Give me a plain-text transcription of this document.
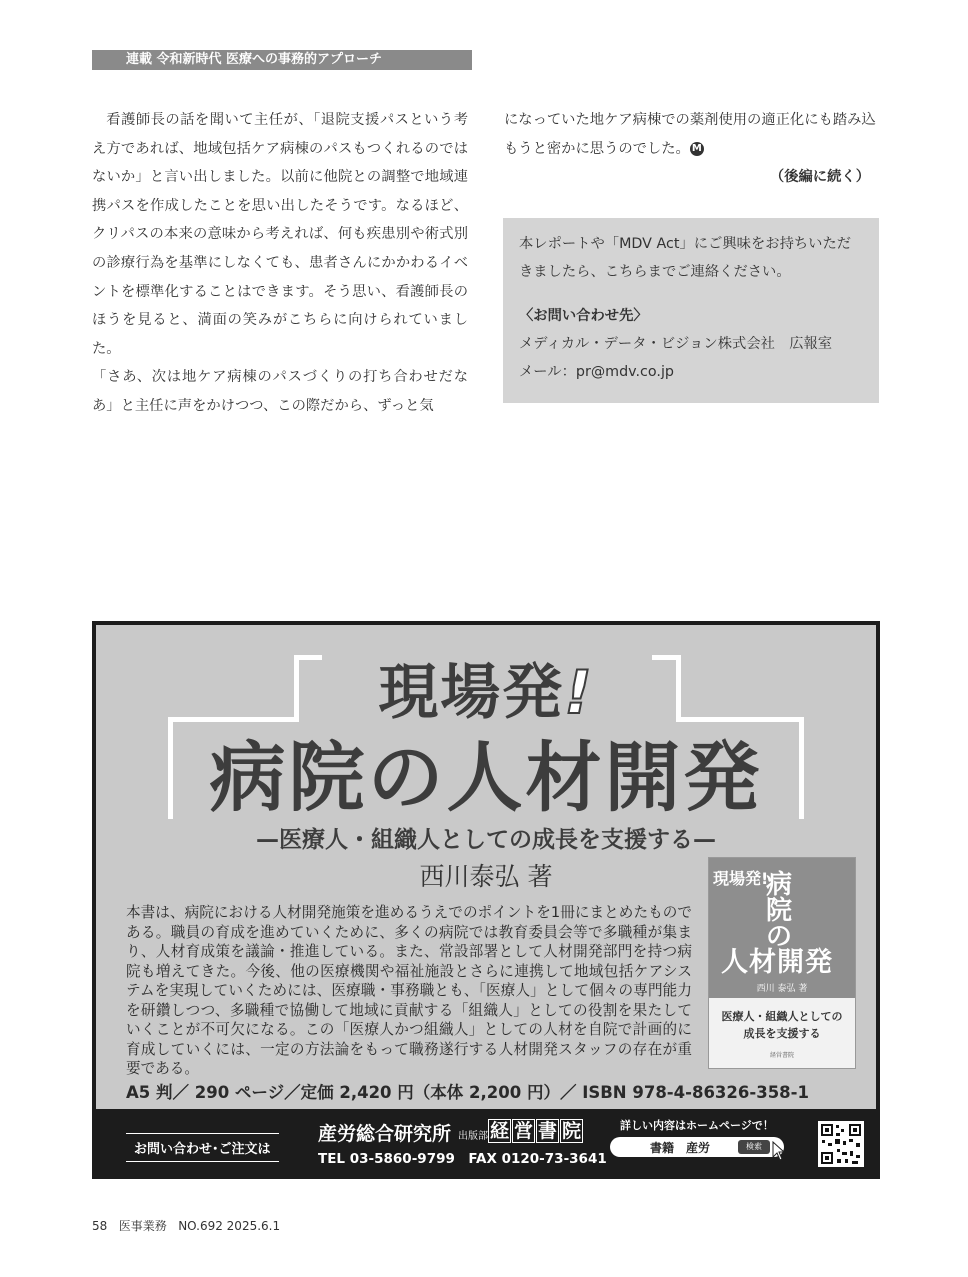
連載 令和新時代 医療への事務的アプローチ

看護師長の話を聞いて主任が、「退院支援パスという考え方であれば、地域包括ケア病棟のパスもつくれるのではないか」と言い出しました。以前に他院との調整で地域連携パスを作成したことを思い出したそうです。なるほど、クリパスの本来の意味から考えれば、何も疾患別や術式別の診療行為を基準にしなくても、患者さんにかかわるイベントを標準化することはできます。そう思い、看護師長のほうを見ると、満面の笑みがこちらに向けられていました。

「さあ、次は地ケア病棟のパスづくりの打ち合わせだなあ」と主任に声をかけつつ、この際だから、ずっと気

になっていた地ケア病棟での薬剤使用の適正化にも踏み込もうと密かに思うのでした。 M

（後編に続く）

本レポートや「MDV Act」にご興味をお持ちいただきましたら、こちらまでご連絡ください。

〈お問い合わせ先〉

メディカル・データ・ビジョン株式会社　広報室

メール：pr@mdv.co.jp

現場発!
病院の人材開発
—医療人・組織人としての成長を支援する—
西川泰弘 著
本書は、病院における人材開発施策を進めるうえでのポイントを1冊にまとめたものである。職員の育成を進めていくために、多くの病院では教育委員会等で多職種が集まり、人材育成策を議論・推進している。また、常設部署として人材開発部門を持つ病院も増えてきた。今後、他の医療機関や福祉施設とさらに連携して地域包括ケアシステムを実現していくためには、医療職・事務職とも、「医療人」として個々の専門能力を研鑽しつつ、多職種で協働して地域に貢献する「組織人」としての役割を果たしていくことが不可欠になる。この「医療人かつ組織人」としての人材を自院で計画的に育成していくには、一定の方法論をもって職務遂行する人材開発スタッフの存在が重要である。
A5 判／ 290 ページ／定価 2,420 円（本体 2,200 円）／ ISBN 978-4-86326-358-1
現場発!
病院の
人材開発
西川 泰弘 著
医療人・組織人としての
成長を支援する
経営書院
お問い合わせ･ご注文は
産労総合研究所 出版部 経 営 書 院
TEL 03-5860-9799　FAX 0120-73-3641
詳しい内容はホームページで！
書籍　産労	検索
58 医事業務 NO.692 2025.6.1
